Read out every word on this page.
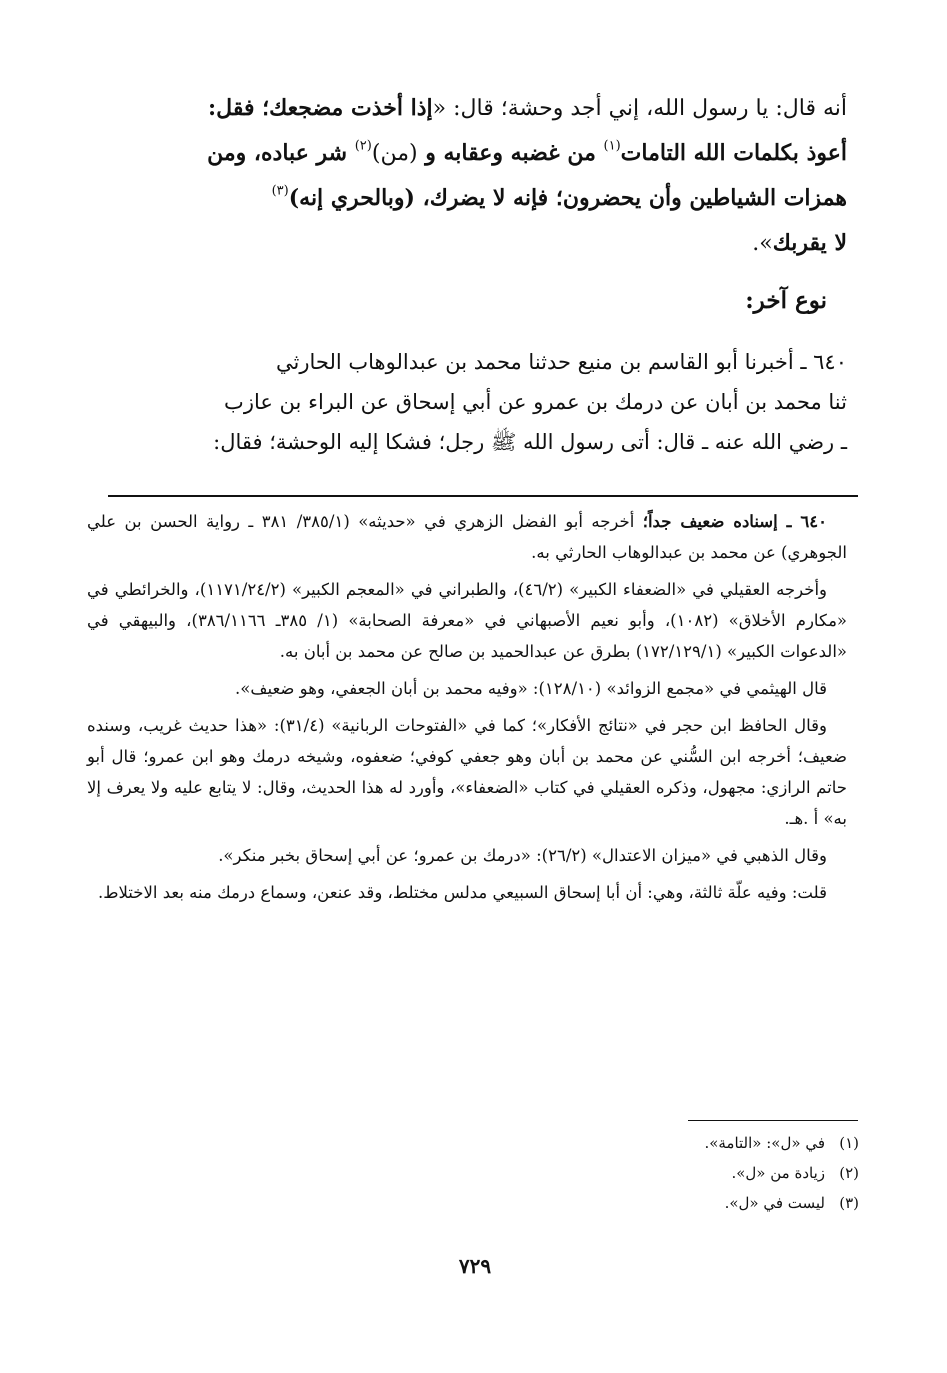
أنه قال: يا رسول الله، إني أجد وحشة؛ قال: «إذا أخذت مضجعك؛ فقل:

أعوذ بكلمات الله التامات$^{(١)}$ من غضبه وعقابه و (من)$^{(٢)}$ شر عباده، ومن

همزات الشياطين وأن يحضرون؛ فإنه لا يضرك، (وبالحري إنه)$^{(٣)}$

لا يقربك».

نوع آخر:

٦٤٠ ـ أخبرنا أبو القاسم بن منيع حدثنا محمد بن عبدالوهاب الحارثي

ثنا محمد بن أبان عن درمك بن عمرو عن أبي إسحاق عن البراء بن عازب

ـ رضي الله عنه ـ قال: أتى رسول الله ﷺ رجل؛ فشكا إليه الوحشة؛ فقال:

٦٤٠ ـ إسناده ضعيف جداً؛ أخرجه أبو الفضل الزهري في «حديثه» (٣٨٥/١/ ٣٨١ ـ رواية الحسن بن علي الجوهري) عن محمد بن عبدالوهاب الحارثي به.

وأخرجه العقيلي في «الضعفاء الكبير» (٤٦/٢)، والطبراني في «المعجم الكبير» (١١٧١/٢٤/٢)، والخرائطي في «مكارم الأخلاق» (١٠٨٢)، وأبو نعيم الأصبهاني في «معرفة الصحابة» (١/ ٣٨٥ـ ٣٨٦/١١٦٦)، والبيهقي في «الدعوات الكبير» (١٧٢/١٢٩/١) بطرق عن عبدالحميد بن صالح عن محمد بن أبان به.

قال الهيثمي في «مجمع الزوائد» (١٢٨/١٠): «وفيه محمد بن أبان الجعفي، وهو ضعيف».

وقال الحافظ ابن حجر في «نتائج الأفكار»؛ كما في «الفتوحات الربانية» (٣١/٤): «هذا حديث غريب، وسنده ضعيف؛ أخرجه ابن السُّني عن محمد بن أبان وهو جعفي كوفي؛ ضعفوه، وشيخه درمك وهو ابن عمرو؛ قال أبو حاتم الرازي: مجهول، وذكره العقيلي في كتاب «الضعفاء»، وأورد له هذا الحديث، وقال: لا يتابع عليه ولا يعرف إلا به» أ .هـ.

وقال الذهبي في «ميزان الاعتدال» (٢٦/٢): «درمك بن عمرو؛ عن أبي إسحاق بخبر منكر».

قلت: وفيه علّة ثالثة، وهي: أن أبا إسحاق السبيعي مدلس مختلط، وقد عنعن، وسماع درمك منه بعد الاختلاط.

(١)في «ل»: «التامة».
(٢)زيادة من «ل».
(٣)ليست في «ل».
٧٢٩
